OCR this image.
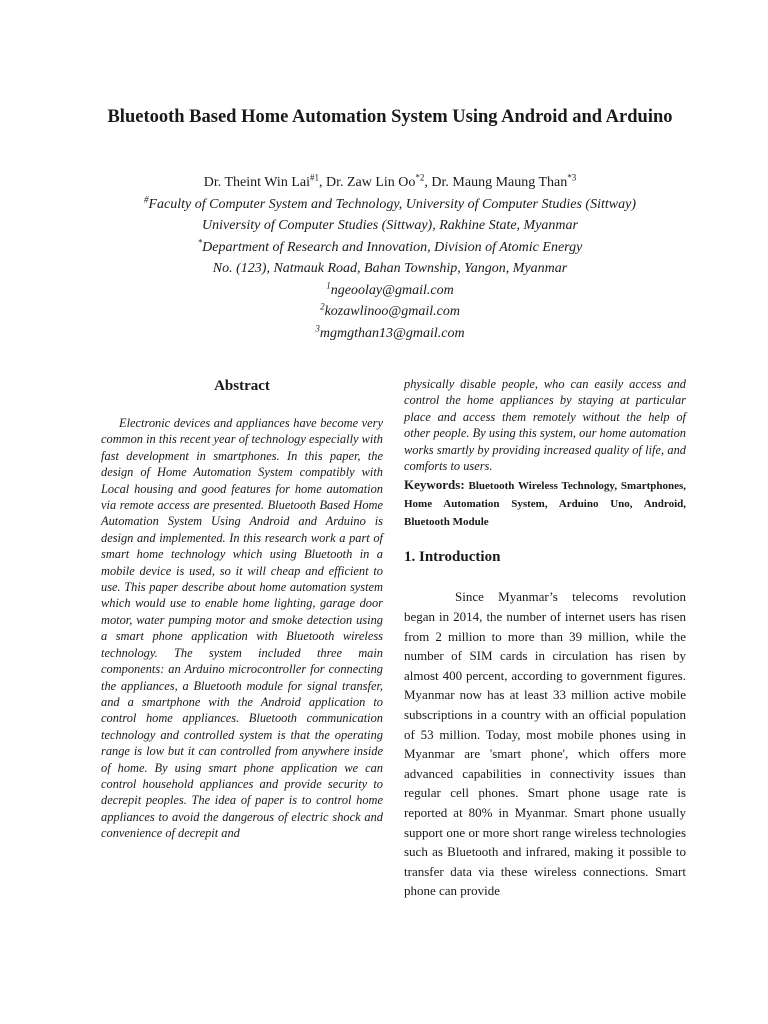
Bluetooth Based Home Automation System Using Android and Arduino
Dr. Theint Win Lai$^{\#1}$, Dr. Zaw Lin Oo$^{*2}$, Dr. Maung Maung Than$^{*3}$
#Faculty of Computer System and Technology, University of Computer Studies (Sittway)
University of Computer Studies (Sittway), Rakhine State, Myanmar
*Department of Research and Innovation, Division of Atomic Energy
No. (123), Natmauk Road, Bahan Township, Yangon, Myanmar
$^1$ngeoolay@gmail.com
$^2$kozawlinoo@gmail.com
$^3$mgmgthan13@gmail.com
Abstract

Electronic devices and appliances have become very common in this recent year of technology especially with fast development in smartphones. In this paper, the design of Home Automation System compatibly with Local housing and good features for home automation via remote access are presented. Bluetooth Based Home Automation System Using Android and Arduino is design and implemented. In this research work a part of smart home technology which using Bluetooth in a mobile device is used, so it will cheap and efficient to use. This paper describe about home automation system which would use to enable home lighting, garage door motor, water pumping motor and smoke detection using a smart phone application with Bluetooth wireless technology. The system included three main components: an Arduino microcontroller for connecting the appliances, a Bluetooth module for signal transfer, and a smartphone with the Android application to control home appliances. Bluetooth communication technology and controlled system is that the operating range is low but it can controlled from anywhere inside of home. By using smart phone application we can control household appliances and provide security to decrepit peoples. The idea of paper is to control home appliances to avoid the dangerous of electric shock and convenience of decrepit and

physically disable people, who can easily access and control the home appliances by staying at particular place and access them remotely without the help of other people. By using this system, our home automation works smartly by providing increased quality of life, and comforts to users.

Keywords: Bluetooth Wireless Technology, Smartphones, Home Automation System, Arduino Uno, Android, Bluetooth Module

1. Introduction

Since Myanmar’s telecoms revolution began in 2014, the number of internet users has risen from 2 million to more than 39 million, while the number of SIM cards in circulation has risen by almost 400 percent, according to government figures. Myanmar now has at least 33 million active mobile subscriptions in a country with an official population of 53 million. Today, most mobile phones using in Myanmar are 'smart phone', which offers more advanced capabilities in connectivity issues than regular cell phones. Smart phone usage rate is reported at 80% in Myanmar. Smart phone usually support one or more short range wireless technologies such as Bluetooth and infrared, making it possible to transfer data via these wireless connections. Smart phone can provide
